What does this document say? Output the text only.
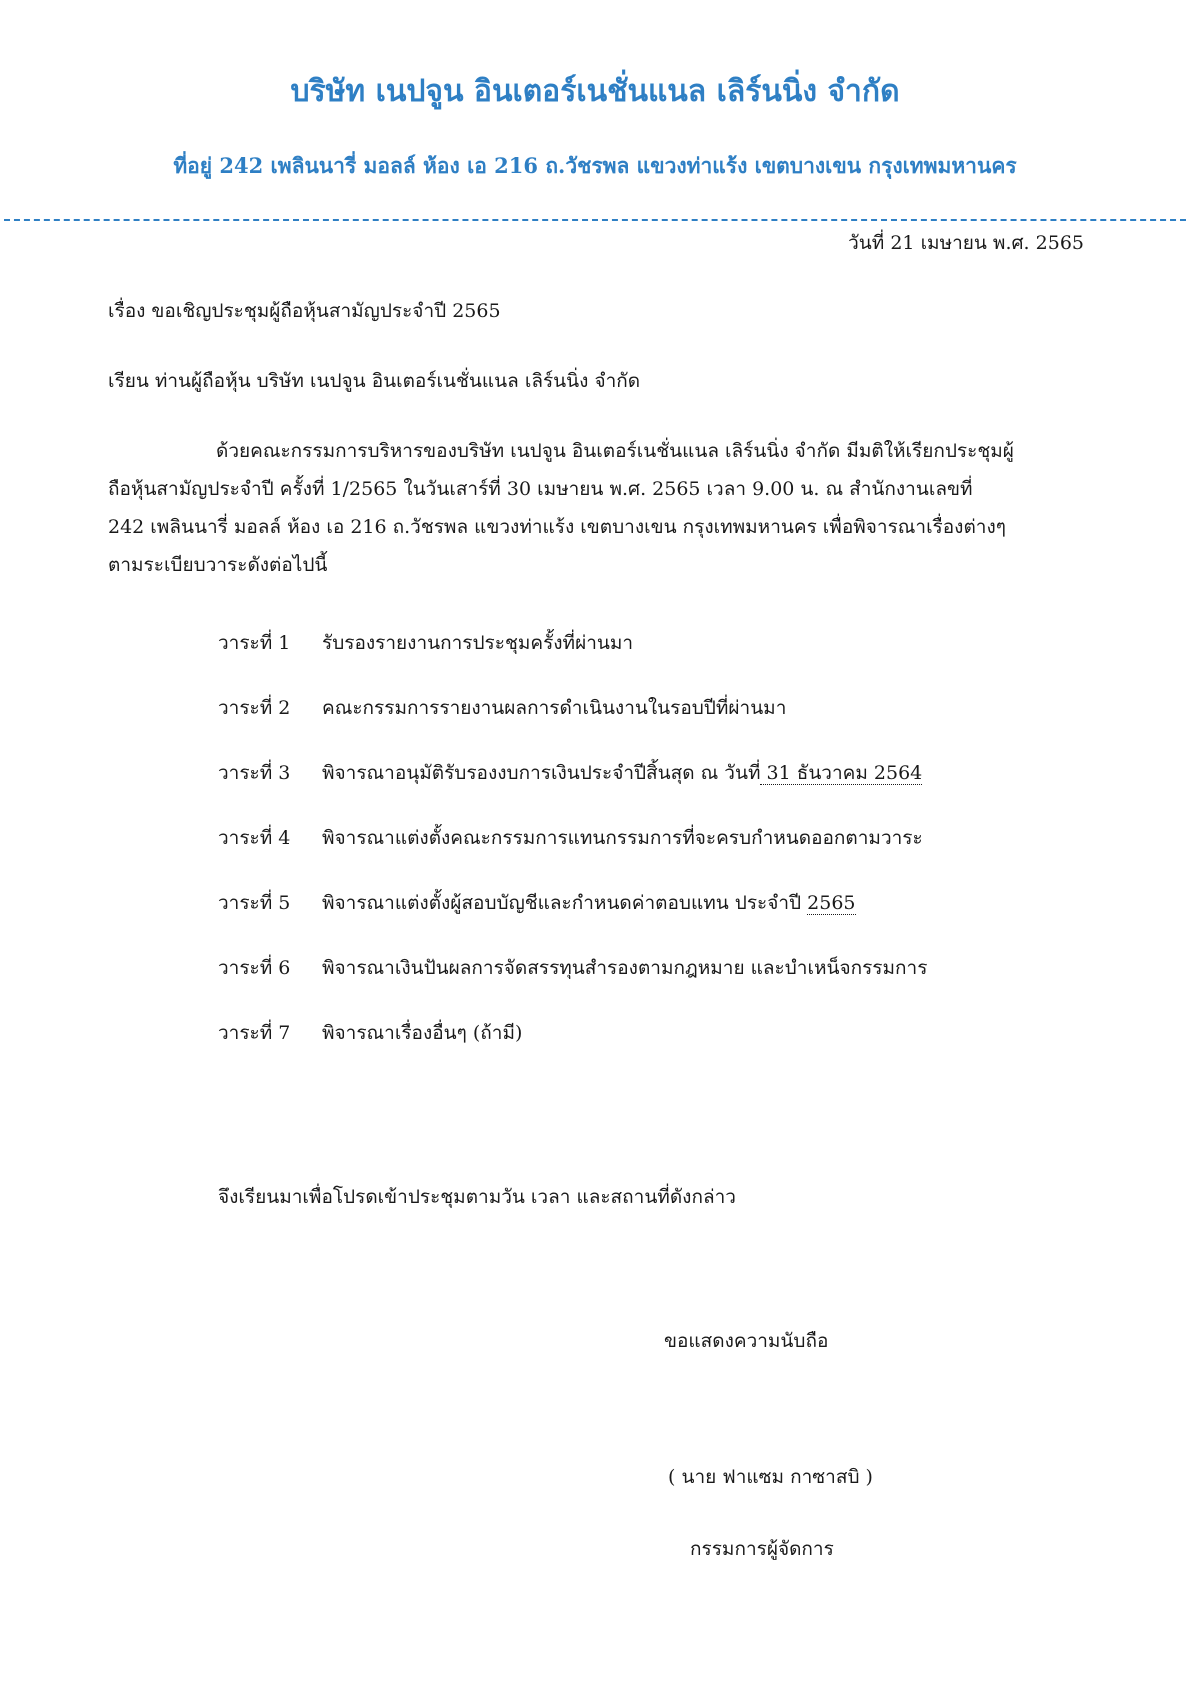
บริษัท เนปจูน อินเตอร์เนชั่นแนล เลิร์นนิ่ง จำกัด
ที่อยู่ 242 เพลินนารี่ มอลล์ ห้อง เอ 216 ถ.วัชรพล แขวงท่าแร้ง เขตบางเขน กรุงเทพมหานคร
วันที่ 21 เมษายน พ.ศ. 2565
เรื่อง ขอเชิญประชุมผู้ถือหุ้นสามัญประจำปี 2565
เรียน ท่านผู้ถือหุ้น บริษัท เนปจูน อินเตอร์เนชั่นแนล เลิร์นนิ่ง จำกัด
ด้วยคณะกรรมการบริหารของบริษัท เนปจูน อินเตอร์เนชั่นแนล เลิร์นนิ่ง จำกัด มีมติให้เรียกประชุมผู้
ถือหุ้นสามัญประจำปี ครั้งที่ 1/2565 ในวันเสาร์ที่ 30 เมษายน พ.ศ. 2565 เวลา 9.00 น. ณ สำนักงานเลขที่
242 เพลินนารี่ มอลล์ ห้อง เอ 216 ถ.วัชรพล แขวงท่าแร้ง เขตบางเขน กรุงเทพมหานคร เพื่อพิจารณาเรื่องต่างๆ
ตามระเบียบวาระดังต่อไปนี้
วาระที่ 1 รับรองรายงานการประชุมครั้งที่ผ่านมา
วาระที่ 2 คณะกรรมการรายงานผลการดำเนินงานในรอบปีที่ผ่านมา
วาระที่ 3 พิจารณาอนุมัติรับรองงบการเงินประจำปีสิ้นสุด ณ วันที่ 31 ธันวาคม 2564
วาระที่ 4 พิจารณาแต่งตั้งคณะกรรมการแทนกรรมการที่จะครบกำหนดออกตามวาระ
วาระที่ 5 พิจารณาแต่งตั้งผู้สอบบัญชีและกำหนดค่าตอบแทน ประจำปี 2565
วาระที่ 6 พิจารณาเงินปันผลการจัดสรรทุนสำรองตามกฎหมาย และบำเหน็จกรรมการ
วาระที่ 7 พิจารณาเรื่องอื่นๆ (ถ้ามี)
จึงเรียนมาเพื่อโปรดเข้าประชุมตามวัน เวลา และสถานที่ดังกล่าว
ขอแสดงความนับถือ
( นาย ฟาแซม กาซาสบิ )
กรรมการผู้จัดการ
